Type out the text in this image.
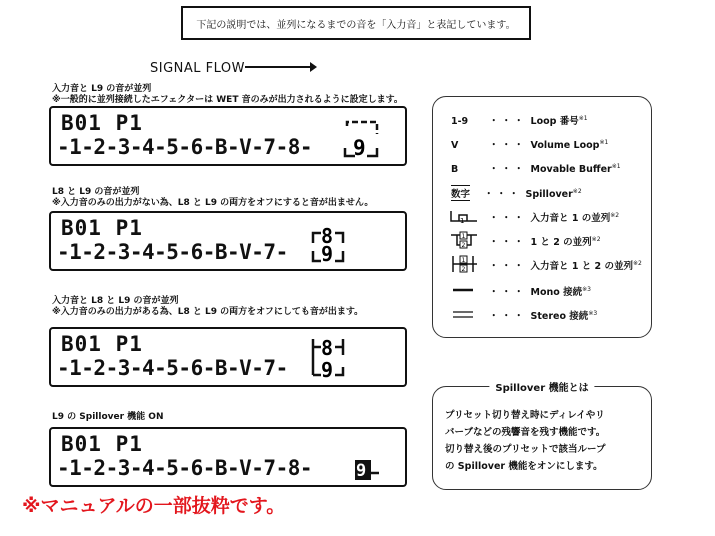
下記の説明では、並列になるまでの音を「入力音」と表記しています。
SIGNAL FLOW
入力音と L9 の音が並列
※一般的に並列接続したエフェクターは WET 音のみが出力されるように設定します。
B01 P1
-1-2-3-4-5-6-B-V-7-8- 9
L8 と L9 の音が並列
※入力音のみの出力がない為、L8 と L9 の両方をオフにすると音が出ません。
B01 P1
-1-2-3-4-5-6-B-V-7-
8
9
入力音と L8 と L9 の音が並列
※入力音のみの出力がある為、L8 と L9 の両方をオフにしても音が出ます。
B01 P1
-1-2-3-4-5-6-B-V-7-
8
9
L9 の Spillover 機能 ON
B01 P1
-1-2-3-4-5-6-B-V-7-8-	9
1-9 ・・・ Loop 番号$^{※1}$
V	・・・ Volume Loop$^{※1}$
B	・・・ Movable Buffer$^{※1}$
数字 ・・・ Spillover$^{※2}$
1	・・・ 入力音と 1 の並列$^{※2}$
1
2 ・・・ 1 と 2 の並列$^{※2}$
1
2 ・・・ 入力音と 1 と 2 の並列$^{※2}$
・・・ Mono 接続$^{※3}$
・・・ Stereo 接続$^{※3}$
Spillover 機能とは
プリセット切り替え時にディレイやリ
バーブなどの残響音を残す機能です。
切り替え後のプリセットで該当ループ
の Spillover 機能をオンにします。
※マニュアルの一部抜粋です。
